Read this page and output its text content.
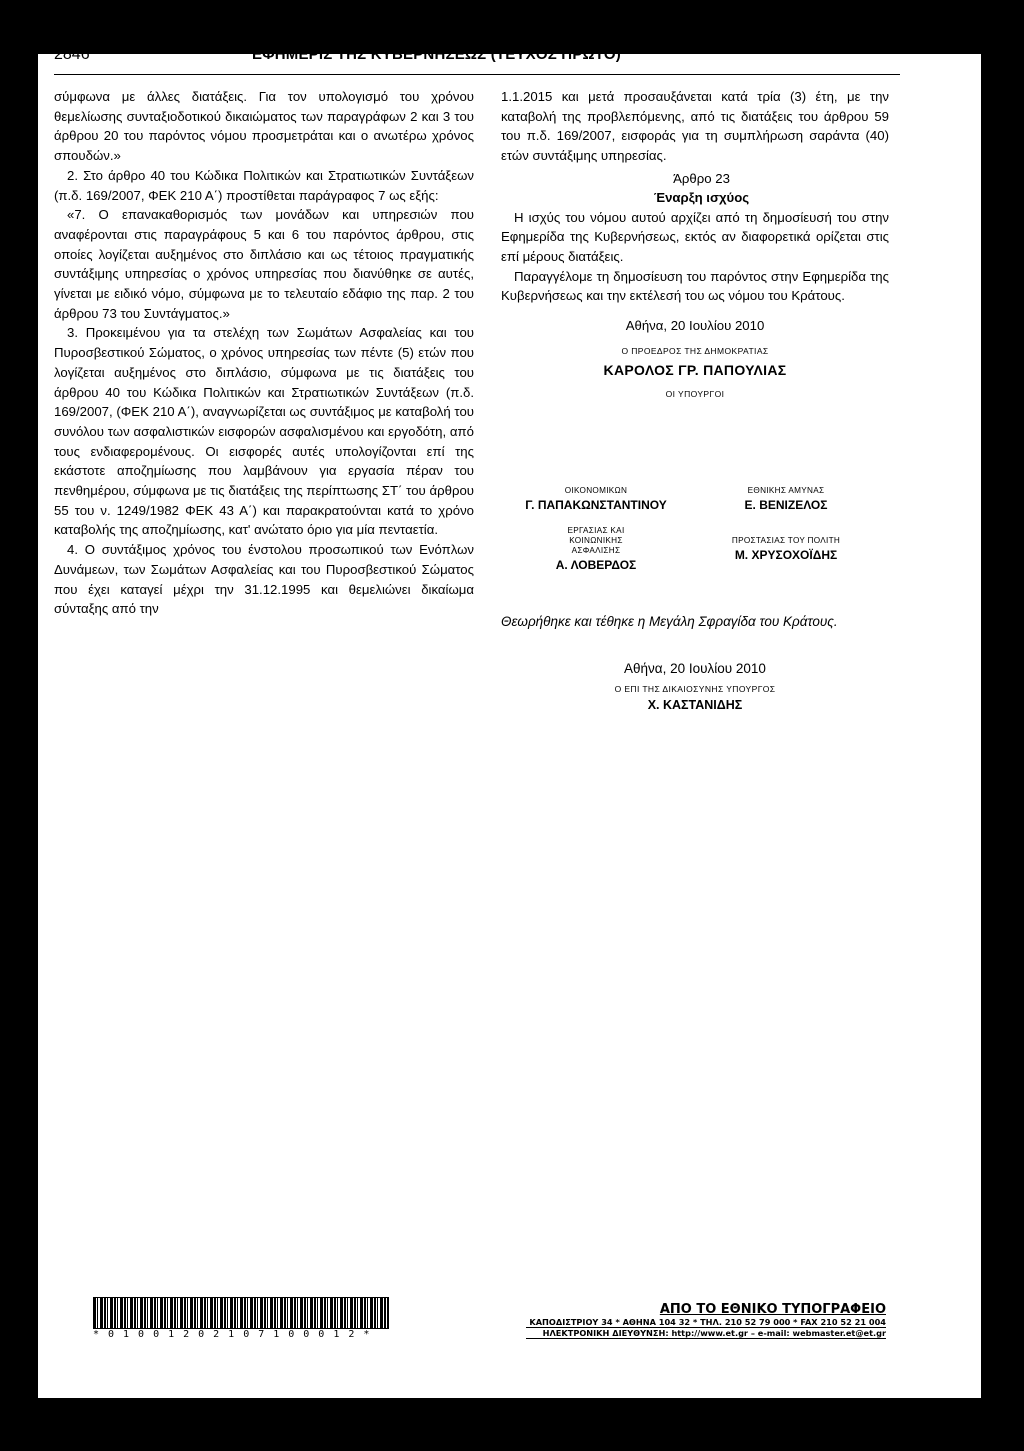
2846	ΕΦΗΜΕΡΙΣ ΤΗΣ ΚΥΒΕΡΝΗΣΕΩΣ (ΤΕΥΧΟΣ ΠΡΩΤΟ)

σύμφωνα με άλλες διατάξεις. Για τον υπολογισμό του χρόνου θεμελίωσης συνταξιοδοτικού δικαιώματος των παραγράφων 2 και 3 του άρθρου 20 του παρόντος νόμου προσμετράται και ο ανωτέρω χρόνος σπουδών.»

2. Στο άρθρο 40 του Κώδικα Πολιτικών και Στρατιωτικών Συντάξεων (π.δ. 169/2007, ΦΕΚ 210 Α΄) προστίθεται παράγραφος 7 ως εξής:

«7. Ο επανακαθορισμός των μονάδων και υπηρεσιών που αναφέρονται στις παραγράφους 5 και 6 του παρόντος άρθρου, στις οποίες λογίζεται αυξημένος στο διπλάσιο και ως τέτοιος πραγματικής συντάξιμης υπηρεσίας ο χρόνος υπηρεσίας που διανύθηκε σε αυτές, γίνεται με ειδικό νόμο, σύμφωνα με το τελευταίο εδάφιο της παρ. 2 του άρθρου 73 του Συντάγματος.»

3. Προκειμένου για τα στελέχη των Σωμάτων Ασφαλείας και του Πυροσβεστικού Σώματος, ο χρόνος υπηρεσίας των πέντε (5) ετών που λογίζεται αυξημένος στο διπλάσιο, σύμφωνα με τις διατάξεις του άρθρου 40 του Κώδικα Πολιτικών και Στρατιωτικών Συντάξεων (π.δ. 169/2007, (ΦΕΚ 210 Α΄), αναγνωρίζεται ως συντάξιμος με καταβολή του συνόλου των ασφαλιστικών εισφορών ασφαλισμένου και εργοδότη, από τους ενδιαφερομένους. Οι εισφορές αυτές υπολογίζονται επί της εκάστοτε αποζημίωσης που λαμβάνουν για εργασία πέραν του πενθημέρου, σύμφωνα με τις διατάξεις της περίπτωσης ΣΤ΄ του άρθρου 55 του ν. 1249/1982 ΦΕΚ 43 Α΄) και παρακρατούνται κατά το χρόνο καταβολής της αποζημίωσης, κατ' ανώτατο όριο για μία πενταετία.

4. Ο συντάξιμος χρόνος του ένστολου προσωπικού των Ενόπλων Δυνάμεων, των Σωμάτων Ασφαλείας και του Πυροσβεστικού Σώματος που έχει καταγεί μέχρι την 31.12.1995 και θεμελιώνει δικαίωμα σύνταξης από την

1.1.2015 και μετά προσαυξάνεται κατά τρία (3) έτη, με την καταβολή της προβλεπόμενης, από τις διατάξεις του άρθρου 59 του π.δ. 169/2007, εισφοράς για τη συμπλήρωση σαράντα (40) ετών συντάξιμης υπηρεσίας.

Άρθρο 23

Έναρξη ισχύος

Η ισχύς του νόμου αυτού αρχίζει από τη δημοσίευσή του στην Εφημερίδα της Κυβερνήσεως, εκτός αν διαφορετικά ορίζεται στις επί μέρους διατάξεις.

Παραγγέλομε τη δημοσίευση του παρόντος στην Εφημερίδα της Κυβερνήσεως και την εκτέλεσή του ως νόμου του Κράτους.

Αθήνα, 20 Ιουλίου 2010

Ο ΠΡΟΕΔΡΟΣ ΤΗΣ ΔΗΜΟΚΡΑΤΙΑΣ

ΚΑΡΟΛΟΣ ΓΡ. ΠΑΠΟΥΛΙΑΣ

ΟΙ ΥΠΟΥΡΓΟΙ

ΟΙΚΟΝΟΜΙΚΩΝ
Γ. ΠΑΠΑΚΩΝΣΤΑΝΤΙΝΟΥ
ΕΘΝΙΚΗΣ ΑΜΥΝΑΣ
Ε. ΒΕΝΙΖΕΛΟΣ
ΕΡΓΑΣΙΑΣ ΚΑΙ ΚΟΙΝΩΝΙΚΗΣ ΑΣΦΑΛΙΣΗΣ
Α. ΛΟΒΕΡΔΟΣ
ΠΡΟΣΤΑΣΙΑΣ ΤΟΥ ΠΟΛΙΤΗ
Μ. ΧΡΥΣΟΧΟΪΔΗΣ
Θεωρήθηκε και τέθηκε η Μεγάλη Σφραγίδα του Κράτους.
Αθήνα, 20 Ιουλίου 2010
Ο ΕΠΙ ΤΗΣ ΔΙΚΑΙΟΣΥΝΗΣ ΥΠΟΥΡΓΟΣ
Χ. ΚΑΣΤΑΝΙΔΗΣ
*01001202107100012*
ΑΠΟ ΤΟ ΕΘΝΙΚΟ ΤΥΠΟΓΡΑΦΕΙΟ
ΚΑΠΟΔΙΣΤΡΙΟΥ 34 * ΑΘΗΝΑ 104 32 * ΤΗΛ. 210 52 79 000 * FAX 210 52 21 004
ΗΛΕΚΤΡΟΝΙΚΗ ΔΙΕΥΘΥΝΣΗ: http://www.et.gr – e-mail: webmaster.et@et.gr
